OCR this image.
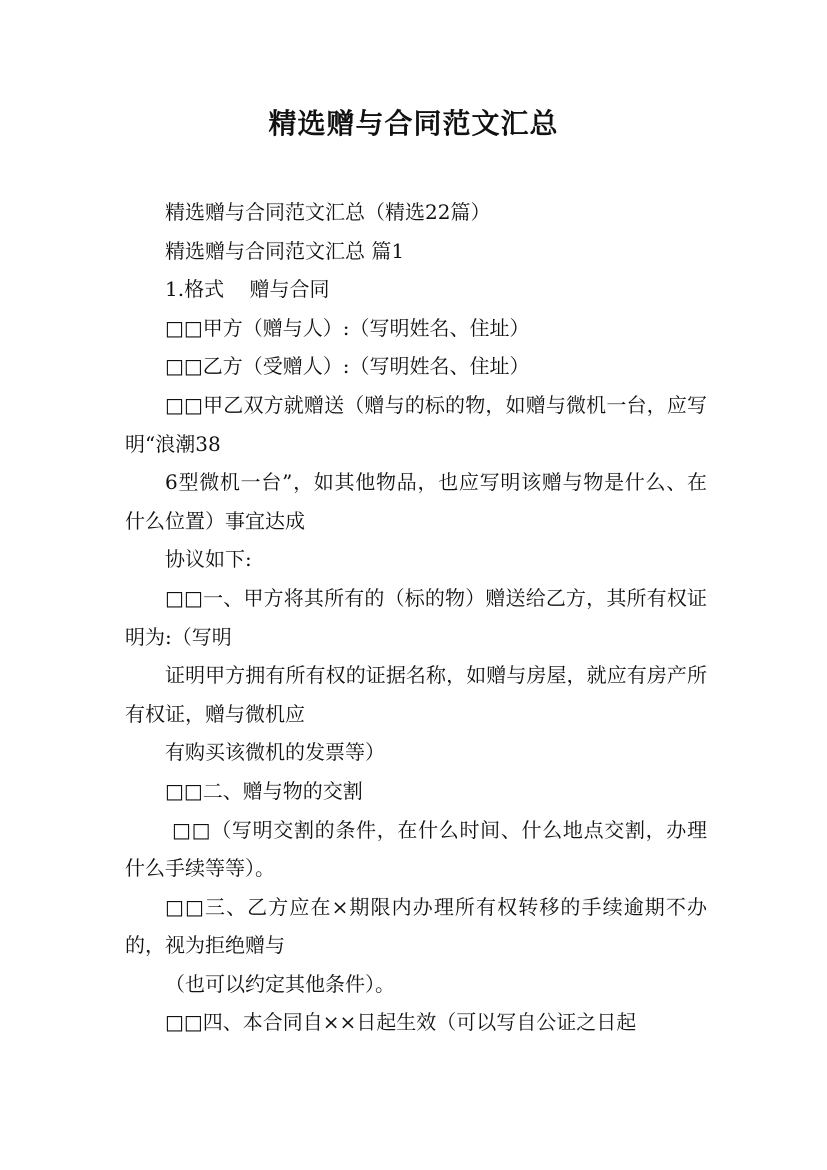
精选赠与合同范文汇总

精选赠与合同范文汇总（精选22篇）

精选赠与合同范文汇总 篇1

1.格式    赠与合同

□□甲方（赠与人）:（写明姓名、住址）

□□乙方（受赠人）:（写明姓名、住址）

□□甲乙双方就赠送（赠与的标的物，如赠与微机一台，应写明“浪潮38

6型微机一台”，如其他物品，也应写明该赠与物是什么、在什么位置）事宜达成

协议如下:

□□一、甲方将其所有的（标的物）赠送给乙方，其所有权证明为:（写明

证明甲方拥有所有权的证据名称，如赠与房屋，就应有房产所有权证，赠与微机应

有购买该微机的发票等）

□□二、赠与物的交割

□□（写明交割的条件，在什么时间、什么地点交割，办理什么手续等等）。

□□三、乙方应在×期限内办理所有权转移的手续逾期不办的，视为拒绝赠与

（也可以约定其他条件）。

□□四、本合同自××日起生效（可以写自公证之日起
